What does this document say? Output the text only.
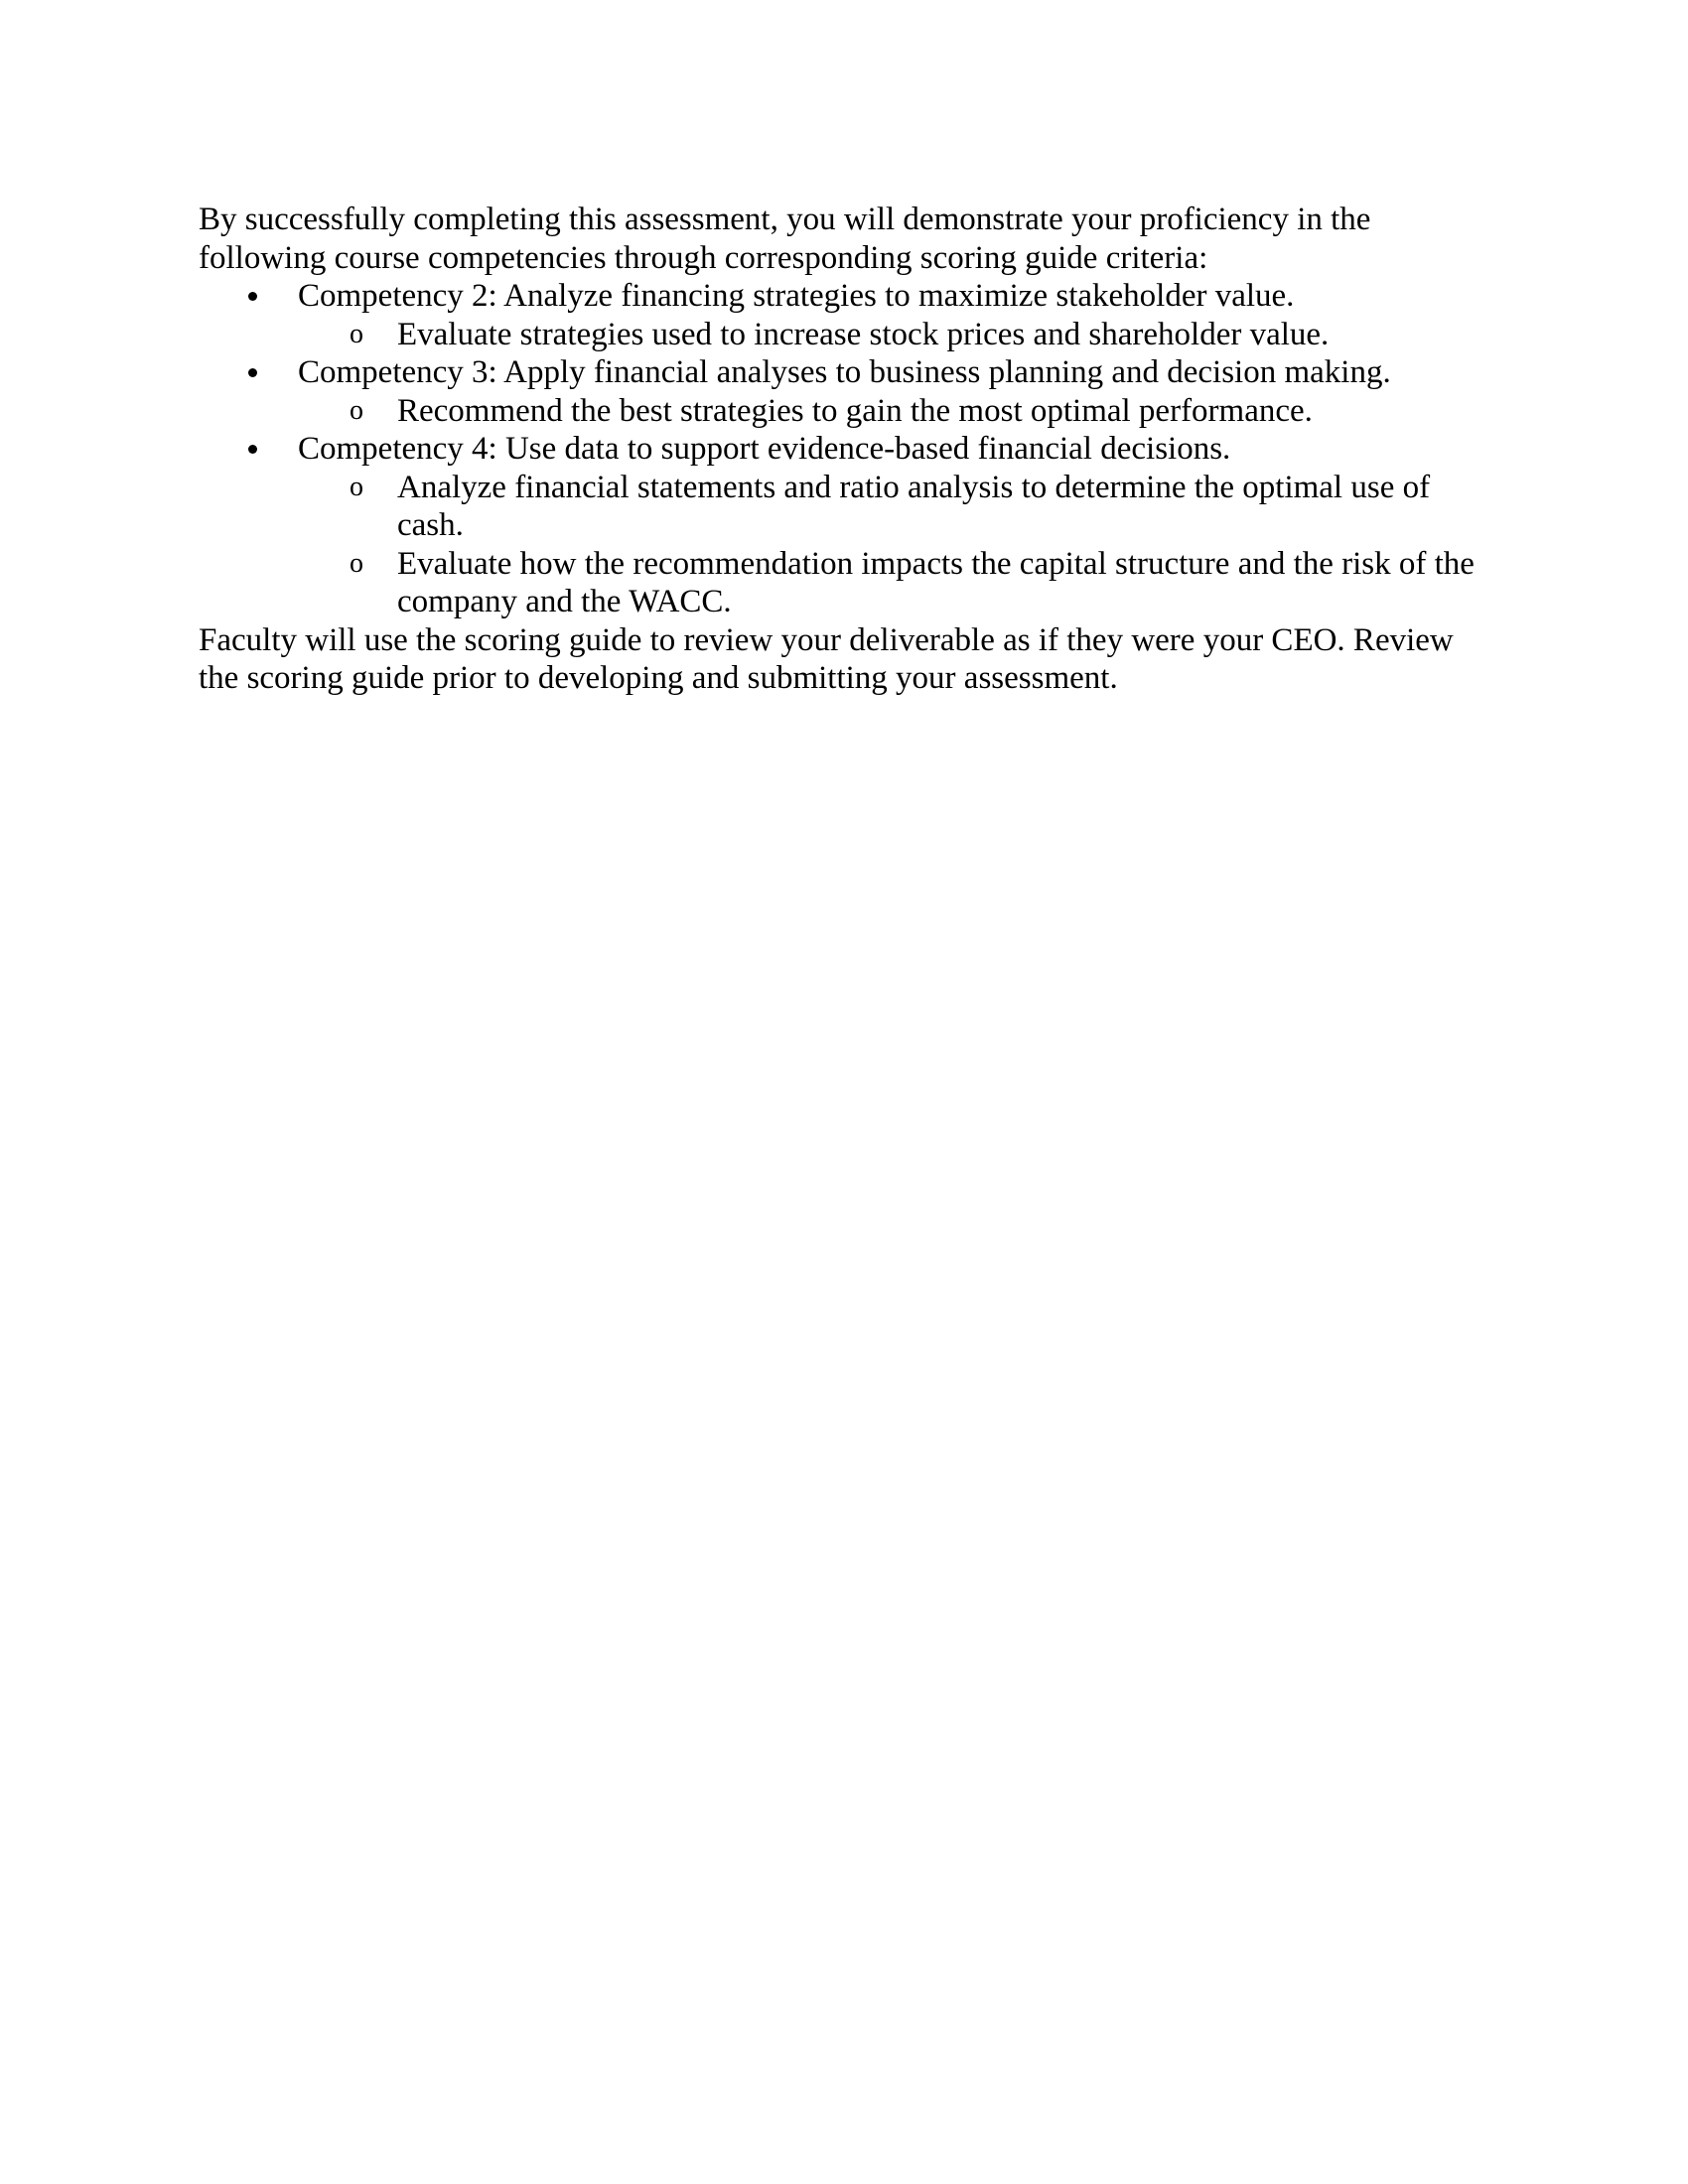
By successfully completing this assessment, you will demonstrate your proficiency in the following course competencies through corresponding scoring guide criteria:

Competency 2: Analyze financing strategies to maximize stakeholder value.
o Evaluate strategies used to increase stock prices and shareholder value.
Competency 3: Apply financial analyses to business planning and decision making.
o Recommend the best strategies to gain the most optimal performance.
Competency 4: Use data to support evidence-based financial decisions.
o Analyze financial statements and ratio analysis to determine the optimal use of cash.
o Evaluate how the recommendation impacts the capital structure and the risk of the company and the WACC.

Faculty will use the scoring guide to review your deliverable as if they were your CEO. Review the scoring guide prior to developing and submitting your assessment.
